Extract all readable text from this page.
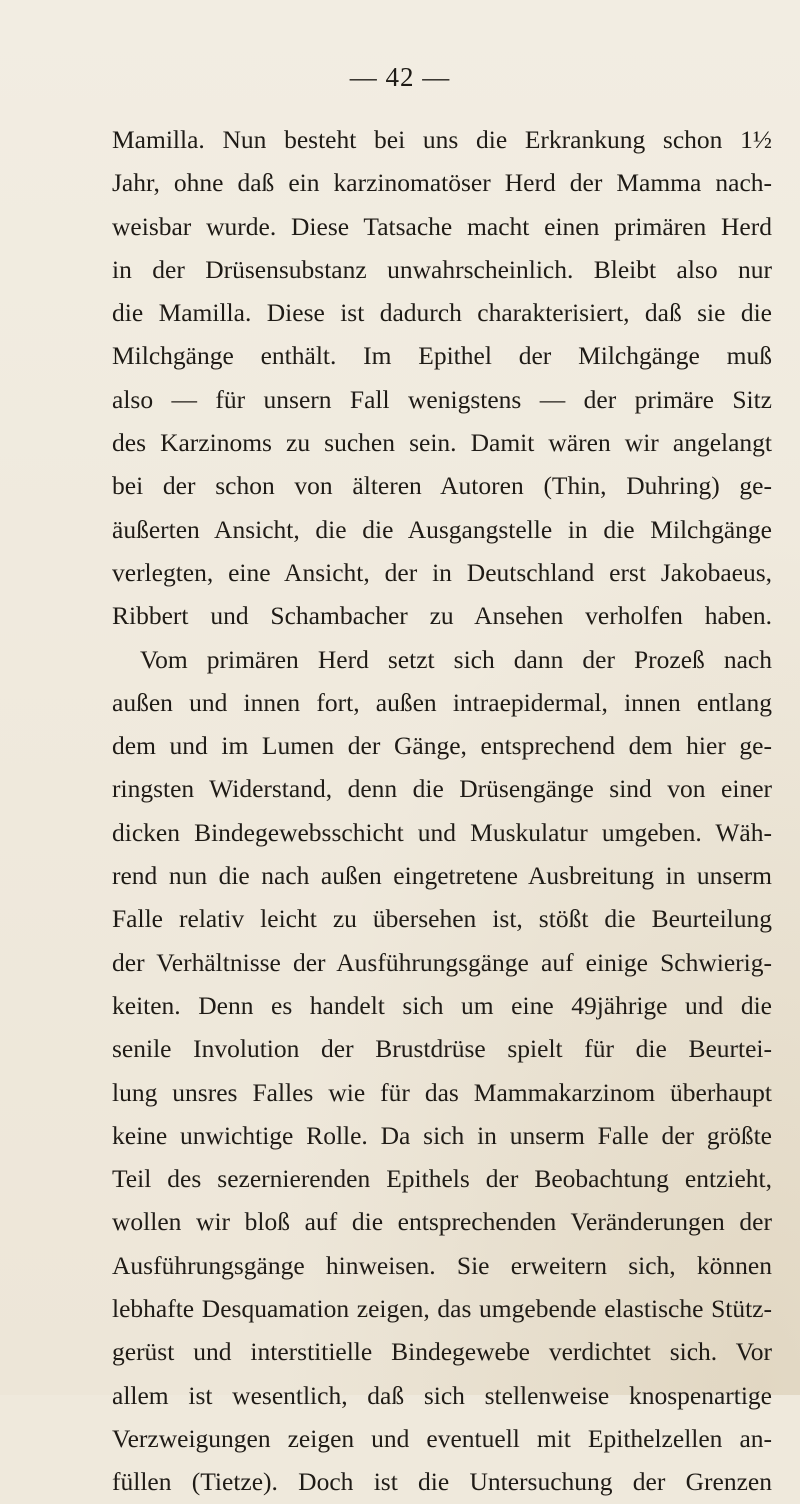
— 42 —
Mamilla. Nun besteht bei uns die Erkrankung schon 1½
Jahr, ohne daß ein karzinomatöser Herd der Mamma nach-
weisbar wurde. Diese Tatsache macht einen primären Herd
in der Drüsensubstanz unwahrscheinlich. Bleibt also nur
die Mamilla. Diese ist dadurch charakterisiert, daß sie die
Milchgänge enthält. Im Epithel der Milchgänge muß
also — für unsern Fall wenigstens — der primäre Sitz
des Karzinoms zu suchen sein. Damit wären wir angelangt
bei der schon von älteren Autoren (Thin, Duhring) ge-
äußerten Ansicht, die die Ausgangstelle in die Milchgänge
verlegten, eine Ansicht, der in Deutschland erst Jakobaeus,
Ribbert und Schambacher zu Ansehen verholfen haben.
Vom primären Herd setzt sich dann der Prozeß nach
außen und innen fort, außen intraepidermal, innen entlang
dem und im Lumen der Gänge, entsprechend dem hier ge-
ringsten Widerstand, denn die Drüsengänge sind von einer
dicken Bindegewebsschicht und Muskulatur umgeben. Wäh-
rend nun die nach außen eingetretene Ausbreitung in unserm
Falle relativ leicht zu übersehen ist, stößt die Beurteilung
der Verhältnisse der Ausführungsgänge auf einige Schwierig-
keiten. Denn es handelt sich um eine 49jährige und die
senile Involution der Brustdrüse spielt für die Beurtei-
lung unsres Falles wie für das Mammakarzinom überhaupt
keine unwichtige Rolle. Da sich in unserm Falle der größte
Teil des sezernierenden Epithels der Beobachtung entzieht,
wollen wir bloß auf die entsprechenden Veränderungen der
Ausführungsgänge hinweisen. Sie erweitern sich, können
lebhafte Desquamation zeigen, das umgebende elastische Stütz-
gerüst und interstitielle Bindegewebe verdichtet sich. Vor
allem ist wesentlich, daß sich stellenweise knospenartige
Verzweigungen zeigen und eventuell mit Epithelzellen an-
füllen (Tietze). Doch ist die Untersuchung der Grenzen
